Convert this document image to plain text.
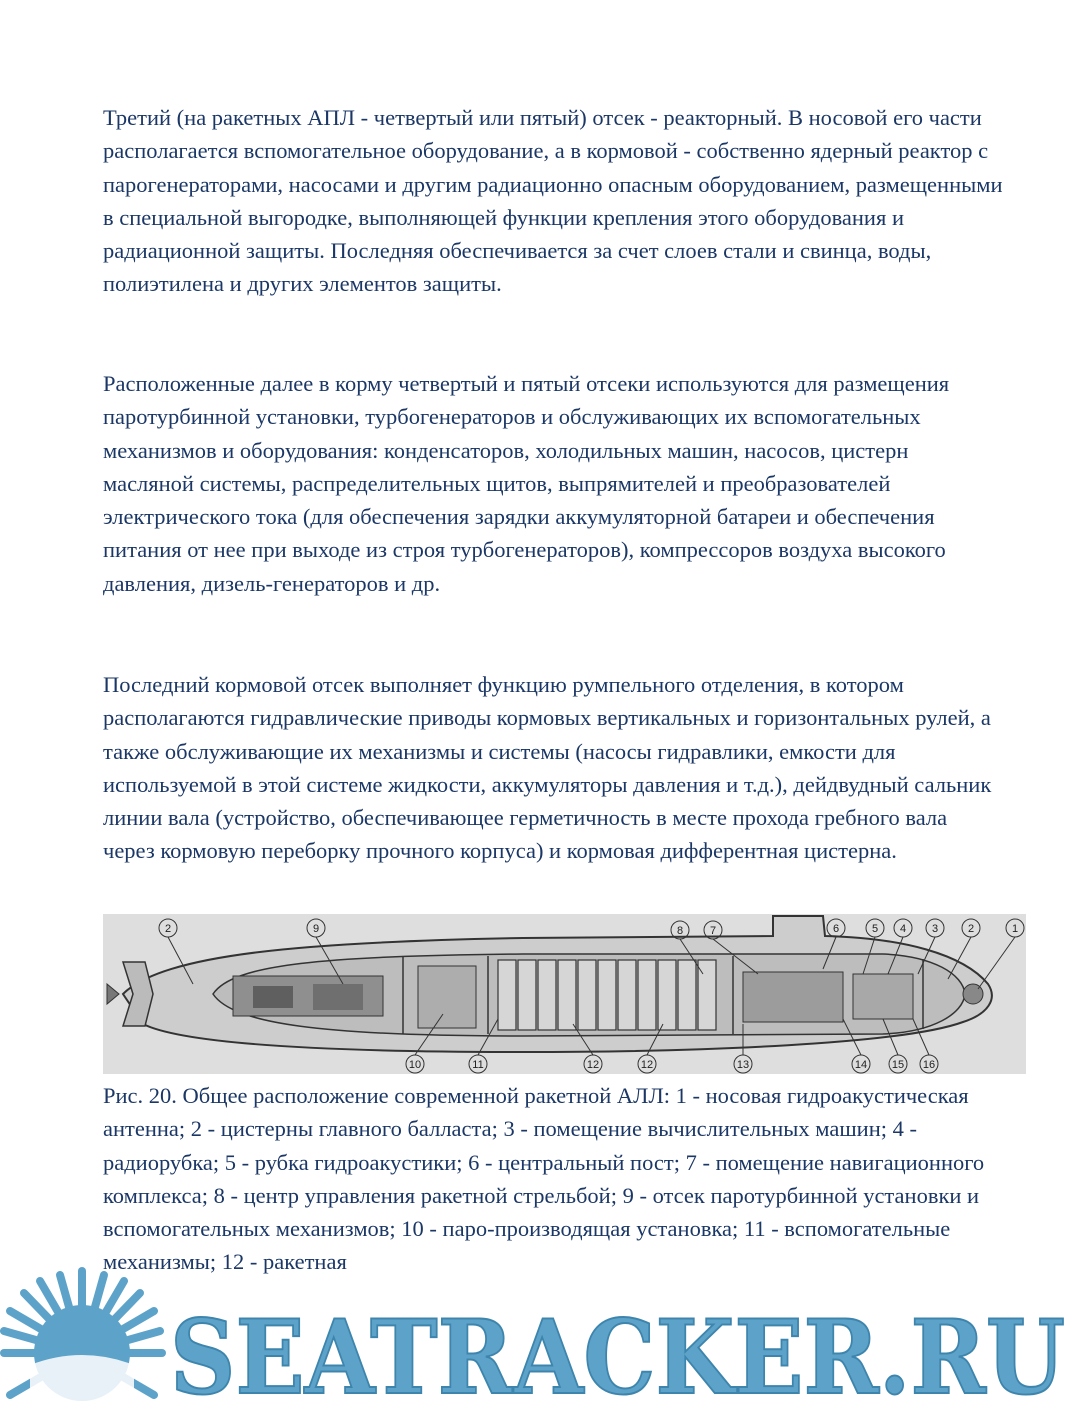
Третий (на ракетных АПЛ - четвертый или пятый) отсек - реакторный. В носовой его части располагается вспомогательное оборудование, а в кормовой - собственно ядерный реактор с парогенераторами, насосами и другим радиационно опасным оборудованием, размещенными в специальной выгородке, выполняющей функции крепления этого оборудования и радиационной защиты. Последняя обеспечивается за счет слоев стали и свинца, воды, полиэтилена и других элементов защиты.
Расположенные далее в корму четвертый и пятый отсеки используются для размещения паротурбинной установки, турбогенераторов и обслуживающих их вспомогательных механизмов и оборудования: конденсаторов, холодильных машин, насосов, цистерн масляной системы, распределительных щитов, выпрямителей и преобразователей электрического тока (для обеспечения зарядки аккумуляторной батареи и обеспечения питания от нее при выходе из строя турбогенераторов), компрессоров воздуха высокого давления, дизель-генераторов и др.
Последний кормовой отсек выполняет функцию румпельного отделения, в котором располагаются гидравлические приводы кормовых вертикальных и горизонтальных рулей, а также обслуживающие их механизмы и системы (насосы гидравлики, емкости для используемой в этой системе жидкости, аккумуляторы давления и т.д.), дейдвудный сальник линии вала (устройство, обеспечивающее герметичность в месте прохода гребного вала через кормовую переборку прочного корпуса) и кормовая дифферентная цистерна.
2	9
10	11	12	12	13
8 7	6	5 4 3	2	1
14 15 16
Рис. 20. Общее расположение современной ракетной АЛЛ: 1 - носовая гидроакустическая антенна; 2 - цистерны главного балласта; 3 - помещение вычислительных машин; 4 - радиорубка; 5 - рубка гидроакустики; 6 - центральный пост; 7 - помещение навигационного комплекса; 8 - центр управления ракетной стрельбой; 9 - отсек паротурбинной установки и вспомогательных механизмов; 10 - паро-производящая установка; 11 - вспомогательные механизмы; 12 - ракетная
SEATRACKER.RU
